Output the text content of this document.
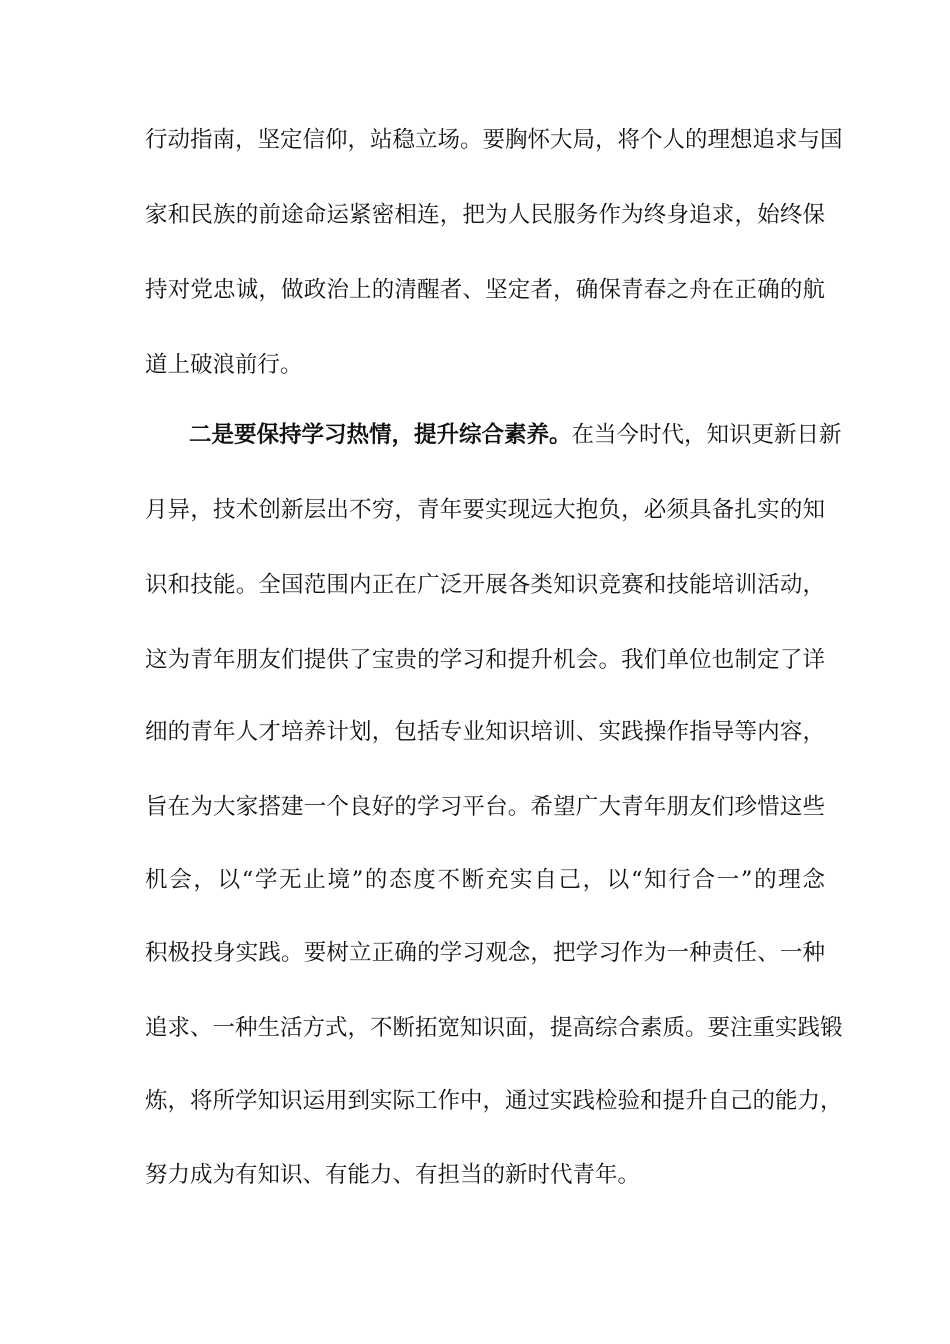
行动指南，坚定信仰，站稳立场。要胸怀大局，将个人的理想追求与国
家和民族的前途命运紧密相连，把为人民服务作为终身追求，始终保
持对党忠诚，做政治上的清醒者、坚定者，确保青春之舟在正确的航
道上破浪前行。
二是要保持学习热情，提升综合素养。在当今时代，知识更新日新
月异，技术创新层出不穷，青年要实现远大抱负，必须具备扎实的知
识和技能。全国范围内正在广泛开展各类知识竞赛和技能培训活动，
这为青年朋友们提供了宝贵的学习和提升机会。我们单位也制定了详
细的青年人才培养计划，包括专业知识培训、实践操作指导等内容，
旨在为大家搭建一个良好的学习平台。希望广大青年朋友们珍惜这些
机会，以“学无止境”的态度不断充实自己，以“知行合一”的理念
积极投身实践。要树立正确的学习观念，把学习作为一种责任、一种
追求、一种生活方式，不断拓宽知识面，提高综合素质。要注重实践锻
炼，将所学知识运用到实际工作中，通过实践检验和提升自己的能力，
努力成为有知识、有能力、有担当的新时代青年。
